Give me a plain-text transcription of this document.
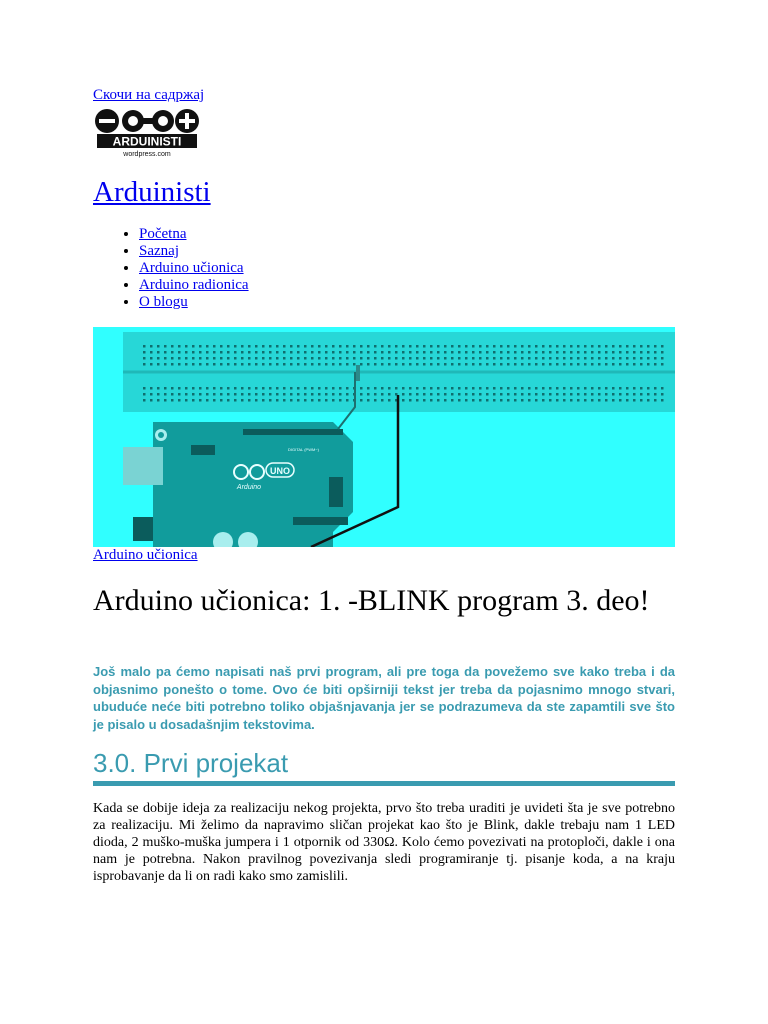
Скочи на садржај
ARDUINISTI
wordpress.com
Arduinisti
• Početna
• Saznaj
• Arduino učionica
• Arduino radionica
• O blogu
UNO
Arduino
DIGITAL (PWM~)
Arduino učionica
Arduino učionica: 1. -BLINK program 3. deo!

Još malo pa ćemo napisati naš prvi program, ali pre toga da povežemo sve kako treba i da objasnimo ponešto o tome. Ovo će biti opširniji tekst jer treba da pojasnimo mnogo stvari, ubuduće neće biti potrebno toliko objašnjavanja jer se podrazumeva da ste zapamtili sve što je pisalo u dosadašnjim tekstovima.

3.0. Prvi projekat

Kada se dobije ideja za realizaciju nekog projekta, prvo što treba uraditi je uvideti šta je sve potrebno za realizaciju. Mi želimo da napravimo sličan projekat kao što je Blink, dakle trebaju nam 1 LED dioda, 2 muško-muška jumpera i 1 otpornik od 330Ω. Kolo ćemo povezivati na protoploči, dakle i ona nam je potrebna. Nakon pravilnog povezivanja sledi programiranje tj. pisanje koda, a na kraju isprobavanje da li on radi kako smo zamislili.
